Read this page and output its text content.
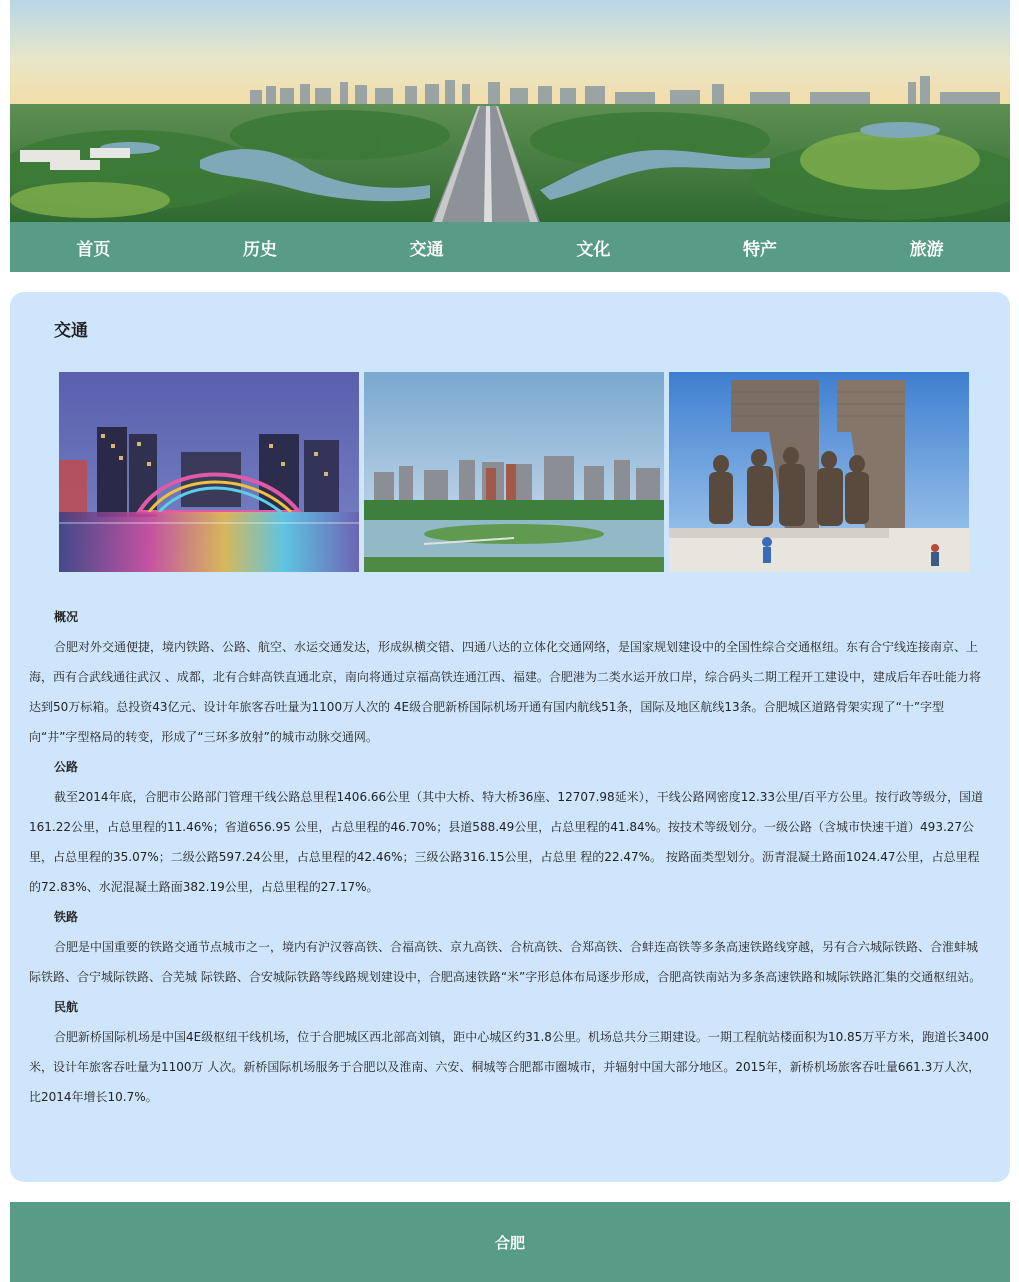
首页	历史	交通	文化	特产	旅游
交通
概况

合肥对外交通便捷，境内铁路、公路、航空、水运交通发达，形成纵横交错、四通八达的立体化交通网络，是国家规划建设中的全国性综合交通枢纽。东有合宁线连接南京、上海，西有合武线通往武汉 、成都，北有合蚌高铁直通北京，南向将通过京福高铁连通江西、福建。合肥港为二类水运开放口岸，综合码头二期工程开工建设中，建成后年吞吐能力将达到50万标箱。总投资43亿元、设计年旅客吞吐量为1100万人次的 4E级合肥新桥国际机场开通有国内航线51条，国际及地区航线13条。合肥城区道路骨架实现了“十”字型向“井”字型格局的转变，形成了“三环多放射”的城市动脉交通网。

公路

截至2014年底，合肥市公路部门管理干线公路总里程1406.66公里（其中大桥、特大桥36座、12707.98延米），干线公路网密度12.33公里/百平方公里。按行政等级分，国道161.22公里，占总里程的11.46%；省道656.95 公里，占总里程的46.70%；县道588.49公里，占总里程的41.84%。按技术等级划分。一级公路（含城市快速干道）493.27公里，占总里程的35.07%；二级公路597.24公里，占总里程的42.46%；三级公路316.15公里，占总里 程的22.47%。 按路面类型划分。沥青混凝土路面1024.47公里，占总里程的72.83%、水泥混凝土路面382.19公里，占总里程的27.17%。

铁路

合肥是中国重要的铁路交通节点城市之一，境内有沪汉蓉高铁、合福高铁、京九高铁、合杭高铁、合郑高铁、合蚌连高铁等多条高速铁路线穿越，另有合六城际铁路、合淮蚌城际铁路、合宁城际铁路、合芜城 际铁路、合安城际铁路等线路规划建设中，合肥高速铁路“米”字形总体布局逐步形成，合肥高铁南站为多条高速铁路和城际铁路汇集的交通枢纽站。

民航

合肥新桥国际机场是中国4E级枢纽干线机场，位于合肥城区西北部高刘镇，距中心城区约31.8公里。机场总共分三期建设。一期工程航站楼面积为10.85万平方米，跑道长3400米，设计年旅客吞吐量为1100万 人次。新桥国际机场服务于合肥以及淮南、六安、桐城等合肥都市圈城市，并辐射中国大部分地区。2015年，新桥机场旅客吞吐量661.3万人次，比2014年增长10.7%。

合肥
